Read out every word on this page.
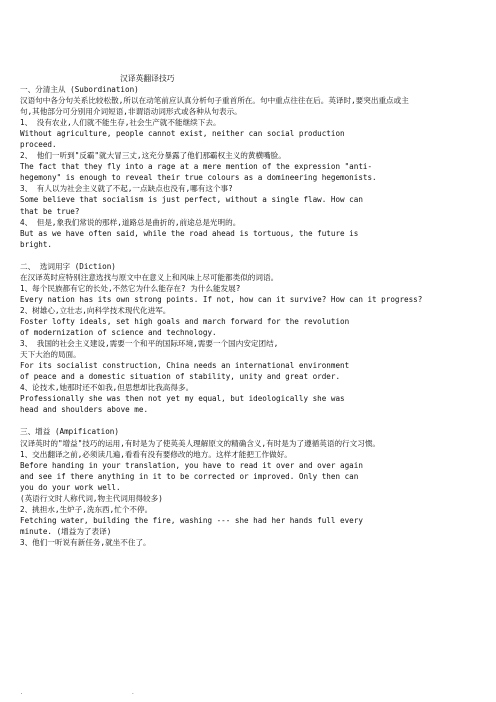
汉译英翻译技巧
一、分清主从 (Subordination)
汉语句中各分句关系比较松散,所以在动笔前应认真分析句子重首所在。句中重点往往在后。英译时,要突出重点或主
句,其他部分可分别用介词短语,非谓语动词形式或各种从句表示。
1、 没有农业,人们就不能生存,社会生产就不能继续下去。
Without agriculture, people cannot exist, neither can social production
proceed.
2、 他们一听到"反霸"就大冒三丈,这充分暴露了他们那霸权主义的黄横嘴脸。
The fact that they fly into a rage at a mere mention of the expression "anti-
hegemony" is enough to reveal their true colours as a domineering hegemonists.
3、 有人以为社会主义就了不起,一点缺点也没有,哪有这个事?
Some believe that socialism is just perfect, without a single flaw. How can
that be true?
4、 但是,象我们常说的那样,道路总是曲折的,前途总是光明的。
But as we have often said, while the road ahead is tortuous, the future is
bright.
二、 选词用字 (Diction)
在汉译英时应特别注意选找与原文中在意义上和风味上尽可能都类似的词语。
1、每个民族都有它的长处,不然它为什么能存在? 为什么能发展?
Every nation has its own strong points. If not, how can it survive? How can it progress?
2、树雄心,立壮志,向科学技术现代化进军。
Foster lofty ideals, set high goals and march forward for the revolution
of modernization of science and technology.
3、 我国的社会主义建设,需要一个和平的国际环境,需要一个国内安定团结,
天下大治的局面。
For its socialist construction, China needs an international environment
of peace and a domestic situation of stability, unity and great order.
4、论技术,她那时还不如我,但思想却比我高得多。
Professionally she was then not yet my equal, but ideologically she was
head and shoulders above me.
三、增益 (Ampification)
汉译英时的"增益"技巧的运用,有时是为了使英美人理解原文的精确含义,有时是为了遵循英语的行文习惯。
1、交出翻译之前,必须读几遍,看看有没有要修改的地方。这样才能把工作做好。
Before handing in your translation, you have to read it over and over again
and see if there anything in it to be corrected or improved. Only then can
you do your work well.
(英语行文时人称代词,物主代词用得较多)
2、挑担水,生炉子,洗东西,忙个不停。
Fetching water, building the fire, washing --- she had her hands full every
minute. (增益为了表译)
3、他们一听说有新任务,就坐不住了。
.                                    .
